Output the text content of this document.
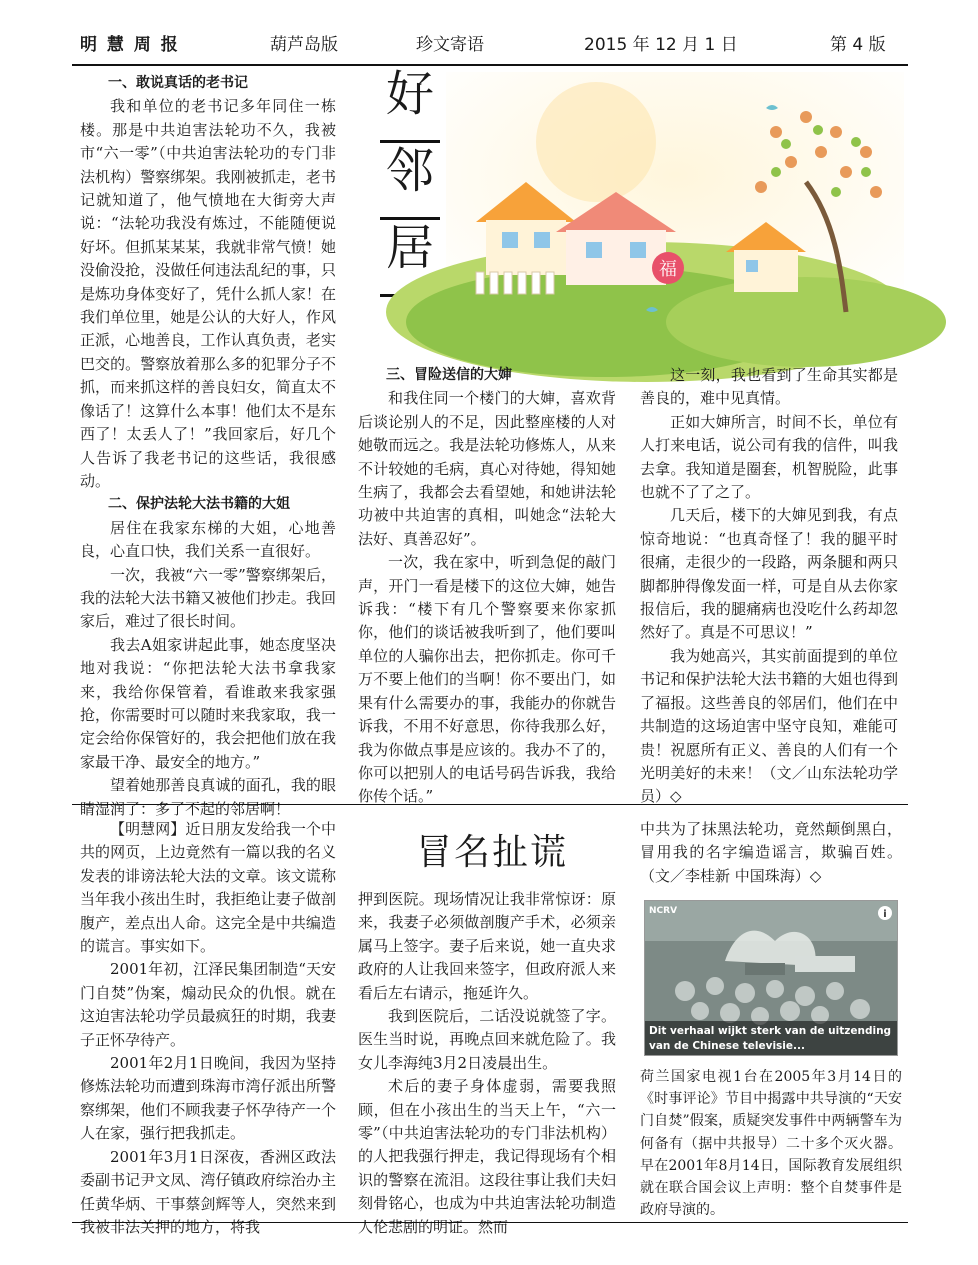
明 慧 周 报	葫芦岛版	珍文寄语	2015 年 12 月 1 日	第 4 版
好
邻
居	福
一、敢说真话的老书记

我和单位的老书记多年同住一栋楼。那是中共迫害法轮功不久，我被市“六一零”（中共迫害法轮功的专门非法机构）警察绑架。我刚被抓走，老书记就知道了，他气愤地在大街旁大声说：“法轮功我没有炼过，不能随便说好坏。但抓某某某，我就非常气愤！她没偷没抢，没做任何违法乱纪的事，只是炼功身体变好了，凭什么抓人家！在我们单位里，她是公认的大好人，作风正派，心地善良，工作认真负责，老实巴交的。警察放着那么多的犯罪分子不抓，而来抓这样的善良妇女，简直太不像话了！这算什么本事！他们太不是东西了！太丢人了！”我回家后，好几个人告诉了我老书记的这些话，我很感动。

二、保护法轮大法书籍的大姐

居住在我家东梯的大姐，心地善良，心直口快，我们关系一直很好。

一次，我被“六一零”警察绑架后，我的法轮大法书籍又被他们抄走。我回家后，难过了很长时间。

我去A姐家讲起此事，她态度坚决地对我说：“你把法轮大法书拿我家来，我给你保管着，看谁敢来我家强抢，你需要时可以随时来我家取，我一定会给你保管好的，我会把他们放在我家最干净、最安全的地方。”

望着她那善良真诚的面孔，我的眼睛湿润了：多了不起的邻居啊！

三、冒险送信的大婶

和我住同一个楼门的大婶，喜欢背后谈论别人的不足，因此整座楼的人对她敬而远之。我是法轮功修炼人，从来不计较她的毛病，真心对待她，得知她生病了，我都会去看望她，和她讲法轮功被中共迫害的真相，叫她念“法轮大法好、真善忍好”。

一次，我在家中，听到急促的敲门声，开门一看是楼下的这位大婶，她告诉我：“楼下有几个警察要来你家抓你，他们的谈话被我听到了，他们要叫单位的人骗你出去，把你抓走。你可千万不要上他们的当啊！你不要出门，如果有什么需要办的事，我能办的你就告诉我，不用不好意思，你待我那么好，我为你做点事是应该的。我办不了的，你可以把别人的电话号码告诉我，我给你传个话。”

这一刻，我也看到了生命其实都是善良的，难中见真情。

正如大婶所言，时间不长，单位有人打来电话，说公司有我的信件，叫我去拿。我知道是圈套，机智脱险，此事也就不了了之了。

几天后，楼下的大婶见到我，有点惊奇地说：“也真奇怪了！我的腿平时很痛，走很少的一段路，两条腿和两只脚都肿得像发面一样，可是自从去你家报信后，我的腿痛病也没吃什么药却忽然好了。真是不可思议！”

我为她高兴，其实前面提到的单位书记和保护法轮大法书籍的大姐也得到了福报。这些善良的邻居们，他们在中共制造的这场迫害中坚守良知，难能可贵！祝愿所有正义、善良的人们有一个光明美好的未来！（文／山东法轮功学员）◇

冒名扯谎

【明慧网】近日朋友发给我一个中共的网页，上边竟然有一篇以我的名义发表的诽谤法轮大法的文章。该文谎称当年我小孩出生时，我拒绝让妻子做剖腹产，差点出人命。这完全是中共编造的谎言。事实如下。

2001年初，江泽民集团制造“天安门自焚”伪案，煽动民众的仇恨。就在这迫害法轮功学员最疯狂的时期，我妻子正怀孕待产。

2001年2月1日晚间，我因为坚持修炼法轮功而遭到珠海市湾仔派出所警察绑架，他们不顾我妻子怀孕待产一个人在家，强行把我抓走。

2001年3月1日深夜，香洲区政法委副书记尹文凤、湾仔镇政府综治办主任黄华炳、干事蔡剑辉等人，突然来到我被非法关押的地方，将我

押到医院。现场情况让我非常惊讶：原来，我妻子必须做剖腹产手术，必须亲属马上签字。妻子后来说，她一直央求政府的人让我回来签字，但政府派人来看后左右请示，拖延许久。

我到医院后，二话没说就签了字。医生当时说，再晚点回来就危险了。我女儿李海纯3月2日凌晨出生。

术后的妻子身体虚弱，需要我照顾，但在小孩出生的当天上午，“六一零”（中共迫害法轮功的专门非法机构）的人把我强行押走，我记得现场有个相识的警察在流泪。这段往事让我们夫妇刻骨铭心，也成为中共迫害法轮功制造人伦悲剧的明证。然而

中共为了抹黑法轮功，竟然颠倒黑白，冒用我的名字编造谣言，欺骗百姓。（文／李桂新 中国珠海）◇

NCRV	i
Dit verhaal wijkt sterk van de uitzending
van de Chinese televisie...
荷兰国家电视1台在2005年3月14日的《时事评论》节目中揭露中共导演的“天安门自焚”假案，质疑突发事件中两辆警车为何备有（据中共报导）二十多个灭火器。早在2001年8月14日，国际教育发展组织就在联合国会议上声明：整个自焚事件是政府导演的。
